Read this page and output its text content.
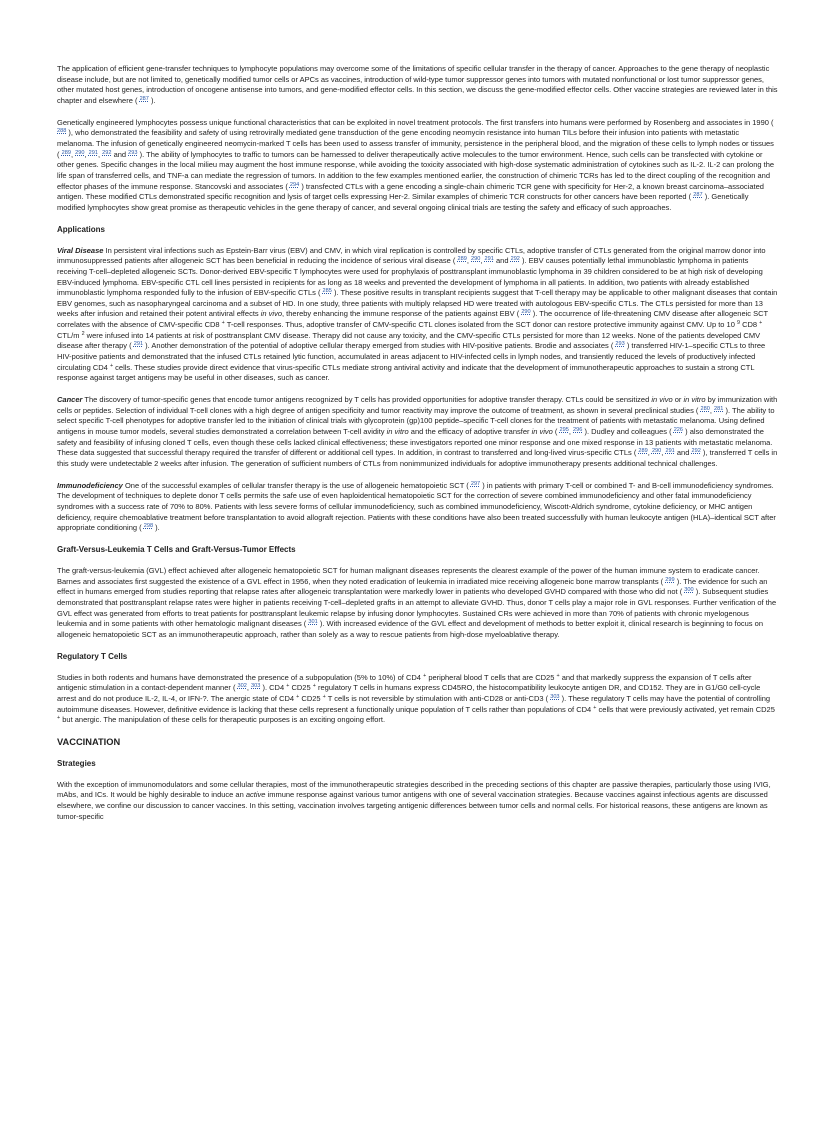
The application of efficient gene-transfer techniques to lymphocyte populations may overcome some of the limitations of specific cellular transfer in the therapy of cancer. Approaches to the gene therapy of neoplastic disease include, but are not limited to, genetically modified tumor cells or APCs as vaccines, introduction of wild-type tumor suppressor genes into tumors with mutated nonfunctional or lost tumor suppressor genes, other mutated host genes, introduction of oncogene antisense into tumors, and gene-modified effector cells. In this section, we discuss the gene-modified effector cells. Other vaccine strategies are reviewed later in this chapter and elsewhere ( $^{287}$ ).

Genetically engineered lymphocytes possess unique functional characteristics that can be exploited in novel treatment protocols. The first transfers into humans were performed by Rosenberg and associates in 1990 ( $^{288}$ ), who demonstrated the feasibility and safety of using retrovirally mediated gene transduction of the gene encoding neomycin resistance into human TILs before their infusion into patients with metastatic melanoma. The infusion of genetically engineered neomycin-marked T cells has been used to assess transfer of immunity, persistence in the peripheral blood, and the migration of these cells to lymph nodes or tissues ( $^{289}$, $^{290}$, $^{291}$, $^{292}$ and $^{293}$ ). The ability of lymphocytes to traffic to tumors can be harnessed to deliver therapeutically active molecules to the tumor environment. Hence, such cells can be transfected with cytokine or other genes. Specific changes in the local milieu may augment the host immune response, while avoiding the toxicity associated with high-dose systematic administration of cytokines such as IL-2. IL-2 can prolong the life span of transferred cells, and TNF-a can mediate the regression of tumors. In addition to the few examples mentioned earlier, the construction of chimeric TCRs has led to the direct coupling of the recognition and effector phases of the immune response. Stancovski and associates ( $^{294}$ ) transfected CTLs with a gene encoding a single-chain chimeric TCR gene with specificity for Her-2, a known breast carcinoma–associated antigen. These modified CTLs demonstrated specific recognition and lysis of target cells expressing Her-2. Similar examples of chimeric TCR constructs for other cancers have been reported ( $^{287}$ ). Genetically modified lymphocytes show great promise as therapeutic vehicles in the gene therapy of cancer, and several ongoing clinical trials are testing the safety and efficacy of such approaches.

Applications

Viral Disease In persistent viral infections such as Epstein-Barr virus (EBV) and CMV, in which viral replication is controlled by specific CTLs, adoptive transfer of CTLs generated from the original marrow donor into immunosuppressed patients after allogeneic SCT has been beneficial in reducing the incidence of serious viral disease ( $^{289}$, $^{290}$, $^{291}$ and $^{292}$ ). EBV causes potentially lethal immunoblastic lymphoma in patients receiving T-cell–depleted allogeneic SCTs. Donor-derived EBV-specific T lymphocytes were used for prophylaxis of posttransplant immunoblastic lymphoma in 39 children considered to be at high risk of developing EBV-induced lymphoma. EBV-specific CTL cell lines persisted in recipients for as long as 18 weeks and prevented the development of lymphoma in all patients. In addition, two patients with already established immunoblastic lymphoma responded fully to the infusion of EBV-specific CTLs ( $^{285}$ ). These positive results in transplant recipients suggest that T-cell therapy may be applicable to other malignant diseases that contain EBV genomes, such as nasopharyngeal carcinoma and a subset of HD. In one study, three patients with multiply relapsed HD were treated with autologous EBV-specific CTLs. The CTLs persisted for more than 13 weeks after infusion and retained their potent antiviral effects in vivo, thereby enhancing the immune response of the patients against EBV ( $^{290}$ ). The occurrence of life-threatening CMV disease after allogeneic SCT correlates with the absence of CMV-specific CD8 + T-cell responses. Thus, adoptive transfer of CMV-specific CTL clones isolated from the SCT donor can restore protective immunity against CMV. Up to 10 $^9$ CD8 + CTL/m $^2$ were infused into 14 patients at risk of posttransplant CMV disease. Therapy did not cause any toxicity, and the CMV-specific CTLs persisted for more than 12 weeks. None of the patients developed CMV disease after therapy ( $^{291}$ ). Another demonstration of the potential of adoptive cellular therapy emerged from studies with HIV-positive patients. Brodie and associates ( $^{293}$ ) transferred HIV-1–specific CTLs to three HIV-positive patients and demonstrated that the infused CTLs retained lytic function, accumulated in areas adjacent to HIV-infected cells in lymph nodes, and transiently reduced the levels of productively infected circulating CD4 + cells. These studies provide direct evidence that virus-specific CTLs mediate strong antiviral activity and indicate that the development of immunotherapeutic approaches to sustain a strong CTL response against target antigens may be useful in other diseases, such as cancer.

Cancer The discovery of tumor-specific genes that encode tumor antigens recognized by T cells has provided opportunities for adoptive transfer therapy. CTLs could be sensitized in vivo or in vitro by immunization with cells or peptides. Selection of individual T-cell clones with a high degree of antigen specificity and tumor reactivity may improve the outcome of treatment, as shown in several preclinical studies ( $^{280}$, $^{281}$ ). The ability to select specific T-cell phenotypes for adoptive transfer led to the initiation of clinical trials with glycoprotein (gp)100 peptide–specific T-cell clones for the treatment of patients with metastatic melanoma. Using defined antigens in mouse tumor models, several studies demonstrated a correlation between T-cell avidity in vitro and the efficacy of adoptive transfer in vivo ( $^{295}$, $^{296}$ ). Dudley and colleagues ( $^{226}$ ) also demonstrated the safety and feasibility of infusing cloned T cells, even though these cells lacked clinical effectiveness; these investigators reported one minor response and one mixed response in 13 patients with metastatic melanoma. These data suggested that successful therapy required the transfer of different or additional cell types. In addition, in contrast to transferred and long-lived virus-specific CTLs ( $^{289}$, $^{290}$, $^{291}$ and $^{292}$ ), transferred T cells in this study were undetectable 2 weeks after infusion. The generation of sufficient numbers of CTLs from nonimmunized individuals for adoptive immunotherapy presents additional technical challenges.

Immunodeficiency One of the successful examples of cellular transfer therapy is the use of allogeneic hematopoietic SCT ( $^{297}$ ) in patients with primary T-cell or combined T- and B-cell immunodeficiency syndromes. The development of techniques to deplete donor T cells permits the safe use of even haploidentical hematopoietic SCT for the correction of severe combined immunodeficiency and other fatal immunodeficiency syndromes with a success rate of 70% to 80%. Patients with less severe forms of cellular immunodeficiency, such as combined immunodeficiency, Wiscott-Aldrich syndrome, cytokine deficiency, or MHC antigen deficiency, require chemoablative treatment before transplantation to avoid allograft rejection. Patients with these conditions have also been treated successfully with human leukocyte antigen (HLA)–identical SCT after appropriate conditioning ( $^{298}$ ).

Graft-Versus-Leukemia T Cells and Graft-Versus-Tumor Effects

The graft-versus-leukemia (GVL) effect achieved after allogeneic hematopoietic SCT for human malignant diseases represents the clearest example of the power of the human immune system to eradicate cancer. Barnes and associates first suggested the existence of a GVL effect in 1956, when they noted eradication of leukemia in irradiated mice receiving allogeneic bone marrow transplants ( $^{299}$ ). The evidence for such an effect in humans emerged from studies reporting that relapse rates after allogeneic transplantation were markedly lower in patients who developed GVHD compared with those who did not ( $^{300}$ ). Subsequent studies demonstrated that posttransplant relapse rates were higher in patients receiving T-cell–depleted grafts in an attempt to alleviate GVHD. Thus, donor T cells play a major role in GVL responses. Further verification of the GVL effect was generated from efforts to treat patients for posttransplant leukemic relapse by infusing donor lymphocytes. Sustained CRs were achieved in more than 70% of patients with chronic myelogenous leukemia and in some patients with other hematologic malignant diseases ( $^{301}$ ). With increased evidence of the GVL effect and development of methods to better exploit it, clinical research is beginning to focus on allogeneic hematopoietic SCT as an immunotherapeutic approach, rather than solely as a way to rescue patients from high-dose myeloablative therapy.

Regulatory T Cells

Studies in both rodents and humans have demonstrated the presence of a subpopulation (5% to 10%) of CD4 + peripheral blood T cells that are CD25 + and that markedly suppress the expansion of T cells after antigenic stimulation in a contact-dependent manner ( $^{302}$, $^{303}$ ). CD4 + CD25 + regulatory T cells in humans express CD45RO, the histocompatibility leukocyte antigen DR, and CD152. They are in G1/G0 cell-cycle arrest and do not produce IL-2, IL-4, or IFN-?. The anergic state of CD4 + CD25 + T cells is not reversible by stimulation with anti-CD28 or anti-CD3 ( $^{303}$ ). These regulatory T cells may have the potential of controlling autoimmune diseases. However, definitive evidence is lacking that these cells represent a functionally unique population of T cells rather than populations of CD4 + cells that were previously activated, yet remain CD25 + but anergic. The manipulation of these cells for therapeutic purposes is an exciting ongoing effort.

VACCINATION
Strategies

With the exception of immunomodulators and some cellular therapies, most of the immunotherapeutic strategies described in the preceding sections of this chapter are passive therapies, particularly those using IVIG, mAbs, and ICs. It would be highly desirable to induce an active immune response against various tumor antigens with one of several vaccination strategies. Because vaccines against infectious agents are discussed elsewhere, we confine our discussion to cancer vaccines. In this setting, vaccination involves targeting antigenic differences between tumor cells and normal cells. For historical reasons, these antigens are known as tumor-specific
